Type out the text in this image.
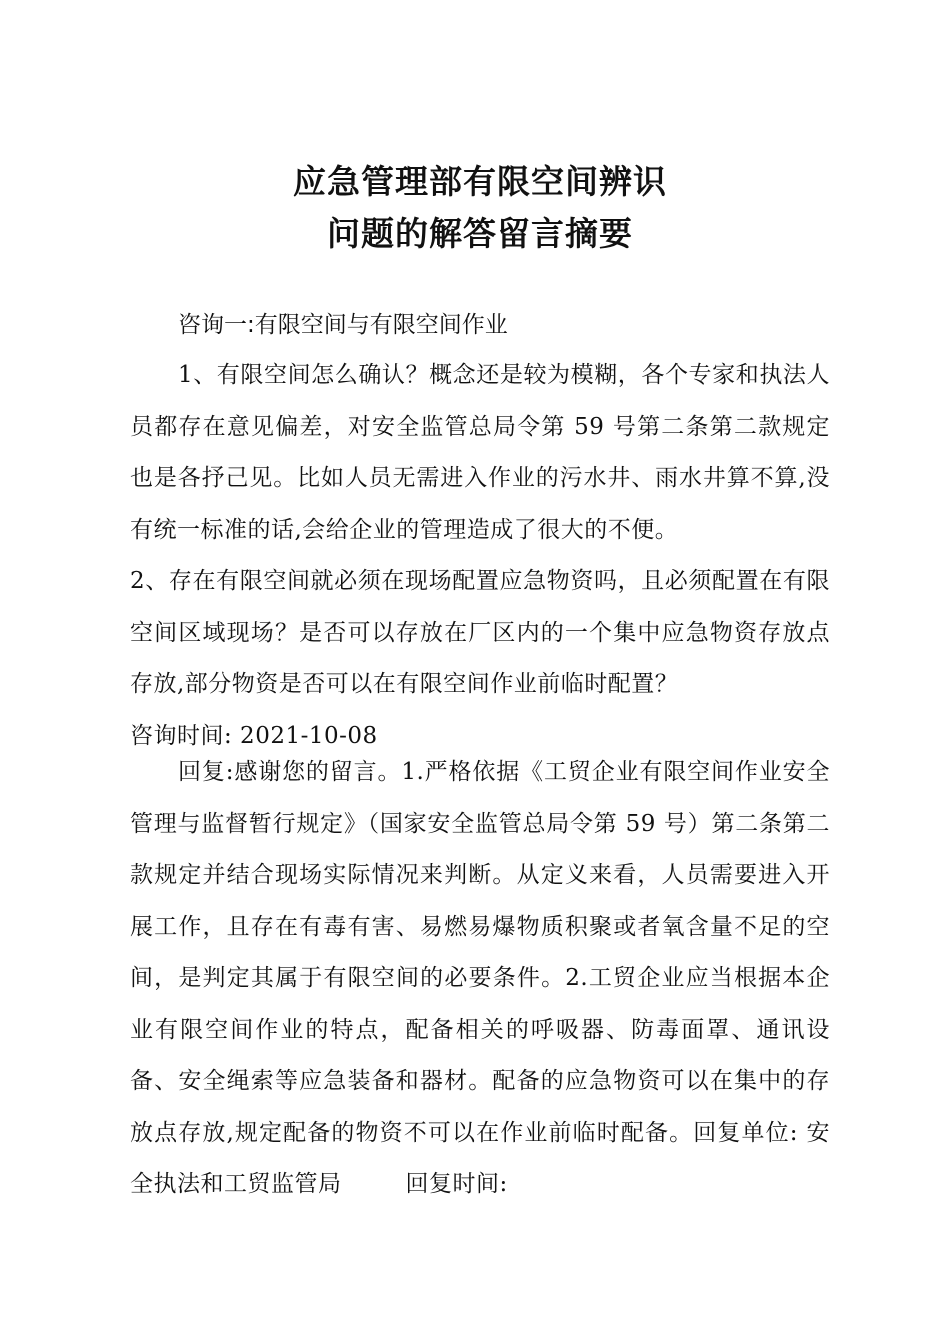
应急管理部有限空间辨识
问题的解答留言摘要
咨询一:有限空间与有限空间作业
1、有限空间怎么确认？概念还是较为模糊，各个专家和执法人员都存在意见偏差，对安全监管总局令第 59 号第二条第二款规定也是各抒己见。比如人员无需进入作业的污水井、雨水井算不算,没有统一标准的话,会给企业的管理造成了很大的不便。
2、存在有限空间就必须在现场配置应急物资吗，且必须配置在有限空间区域现场？是否可以存放在厂区内的一个集中应急物资存放点存放,部分物资是否可以在有限空间作业前临时配置？
咨询时间: 2021-10-08
回复:感谢您的留言。1.严格依据《工贸企业有限空间作业安全管理与监督暂行规定》（国家安全监管总局令第 59 号）第二条第二款规定并结合现场实际情况来判断。从定义来看，人员需要进入开展工作，且存在有毒有害、易燃易爆物质积聚或者氧含量不足的空间，是判定其属于有限空间的必要条件。2.工贸企业应当根据本企业有限空间作业的特点，配备相关的呼吸器、防毒面罩、通讯设备、安全绳索等应急装备和器材。配备的应急物资可以在集中的存放点存放,规定配备的物资不可以在作业前临时配备。回复单位: 安全执法和工贸监管局	回复时间:
